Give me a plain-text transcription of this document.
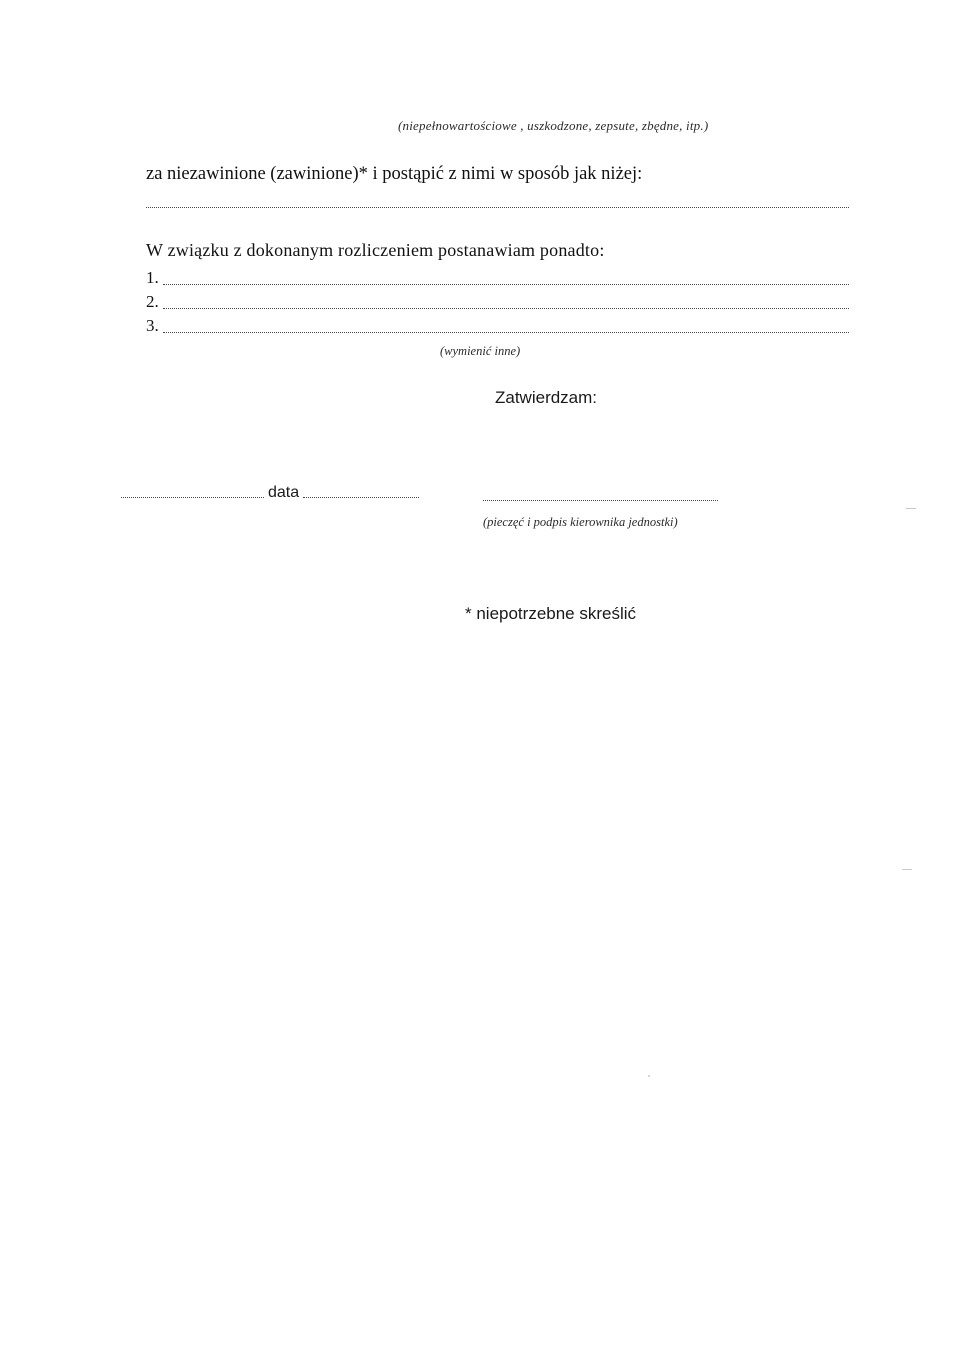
(niepełnowartościowe , uszkodzone, zepsute, zbędne, itp.)
za niezawinione (zawinione)* i postąpić z nimi w sposób jak niżej:
W związku z dokonanym rozliczeniem postanawiam ponadto:
1.
2.
3.
(wymienić inne)
Zatwierdzam:
data
(pieczęć i podpis kierownika jednostki)
* niepotrzebne skreślić
